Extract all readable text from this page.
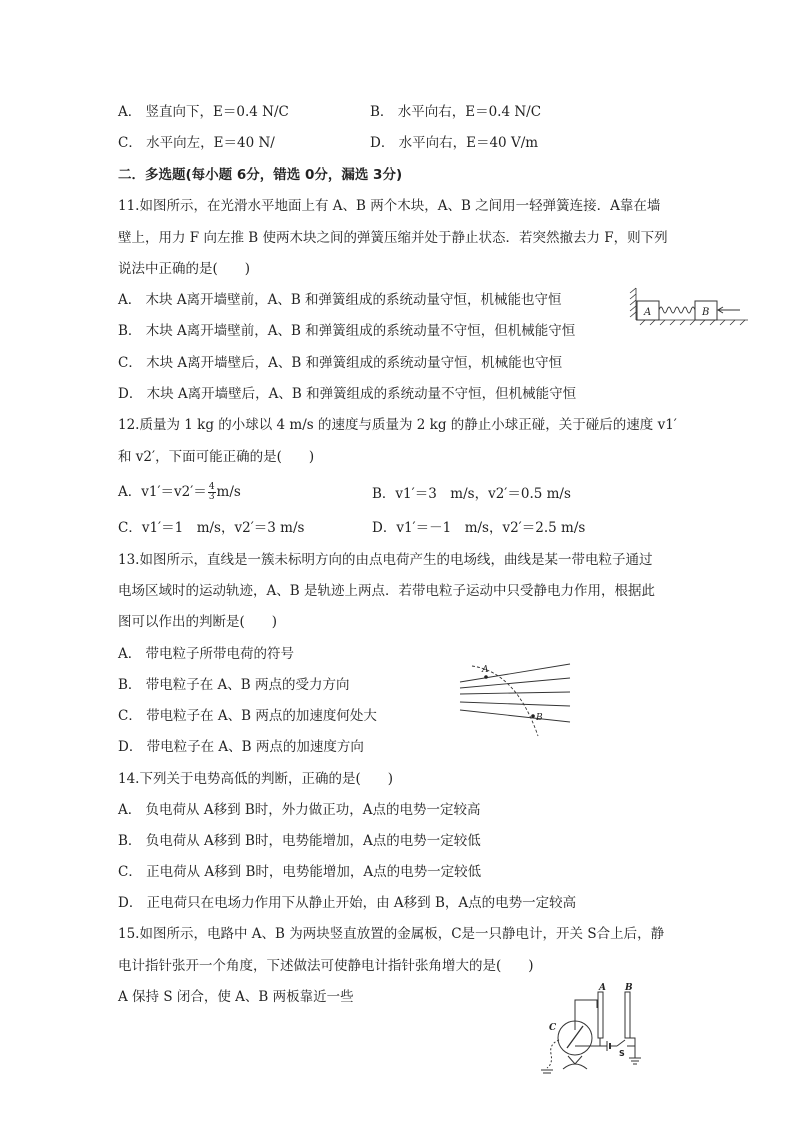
A． 竖直向下，E＝0.4 N/C	B． 水平向右，E＝0.4 N/C
C． 水平向左，E＝40 N/	D． 水平向右，E＝40 V/m
二．多选题(每小题 6分，错选 0分，漏选 3分)
11.如图所示，在光滑水平地面上有 A、B 两个木块，A、B 之间用一轻弹簧连接．A靠在墙
壁上，用力 F 向左推 B 使两木块之间的弹簧压缩并处于静止状态．若突然撤去力 F，则下列
说法中正确的是(　　)
A． 木块 A离开墙壁前，A、B 和弹簧组成的系统动量守恒，机械能也守恒
B． 木块 A离开墙壁前，A、B 和弹簧组成的系统动量不守恒，但机械能守恒
C． 木块 A离开墙壁后，A、B 和弹簧组成的系统动量守恒，机械能也守恒
D． 木块 A离开墙壁后，A、B 和弹簧组成的系统动量不守恒，但机械能守恒
A	B
12.质量为 1 kg 的小球以 4 m/s 的速度与质量为 2 kg 的静止小球正碰，关于碰后的速度 v1′
和 v2′，下面可能正确的是(　　)
A．$v1'=v2'= \frac{4}{3} m/s$	B．v1′＝3　m/s，v2′＝0.5 m/s
C．v1′＝1　m/s，v2′＝3 m/s	D．v1′＝－1　m/s，v2′＝2.5 m/s
13.如图所示，直线是一簇未标明方向的由点电荷产生的电场线，曲线是某一带电粒子通过
电场区域时的运动轨迹，A、B 是轨迹上两点．若带电粒子运动中只受静电力作用，根据此
图可以作出的判断是(　　)
A． 带电粒子所带电荷的符号
B． 带电粒子在 A、B 两点的受力方向
C． 带电粒子在 A、B 两点的加速度何处大
D． 带电粒子在 A、B 两点的加速度方向
A
B
14.下列关于电势高低的判断，正确的是(　　)
A． 负电荷从 A移到 B时，外力做正功，A点的电势一定较高
B． 负电荷从 A移到 B时，电势能增加，A点的电势一定较低
C． 正电荷从 A移到 B时，电势能增加，A点的电势一定较低
D． 正电荷只在电场力作用下从静止开始，由 A移到 B，A点的电势一定较高
15.如图所示，电路中 A、B 为两块竖直放置的金属板，C是一只静电计，开关 S合上后，静
电计指针张开一个角度，下述做法可使静电计指针张角增大的是(　　)
A 保持 S 闭合，使 A、B 两板靠近一些
A B
C
S
